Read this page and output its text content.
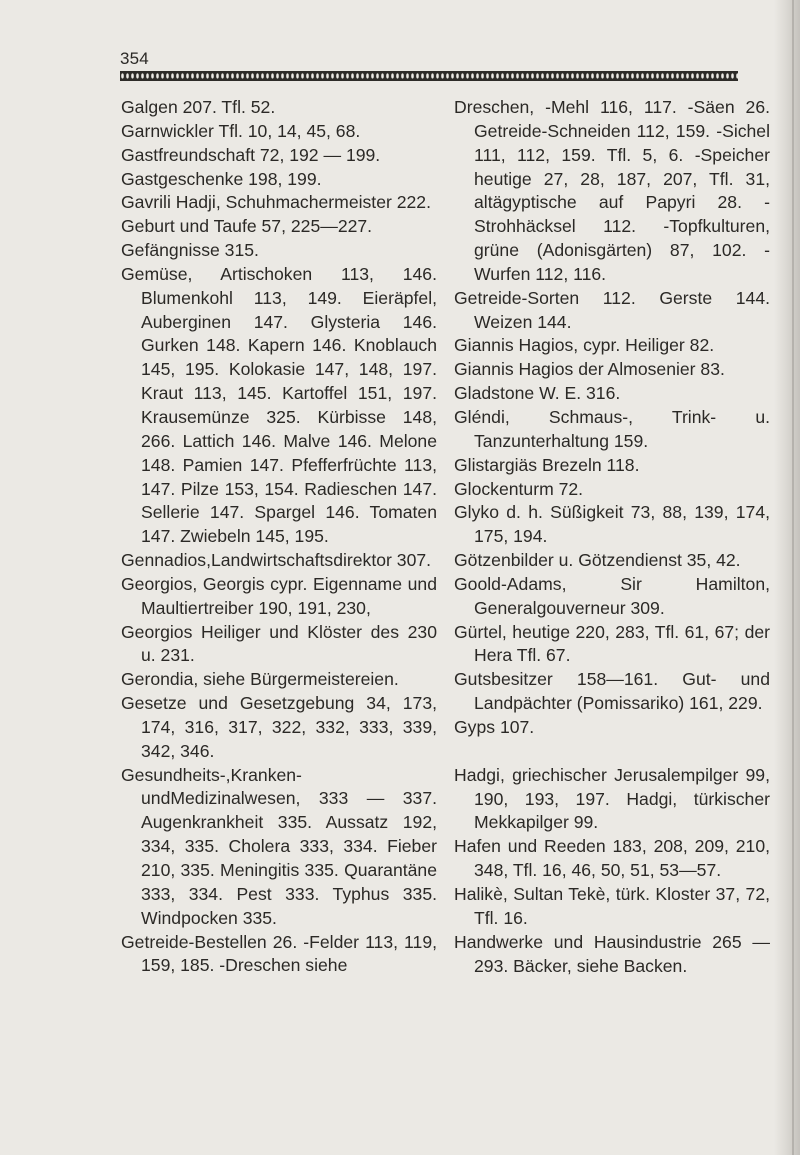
354

Galgen 207. Tfl. 52.

Garnwickler Tfl. 10, 14, 45, 68.

Gastfreundschaft 72, 192 — 199.

Gastgeschenke 198, 199.

Gavrili Hadji, Schuhmachermeister 222.

Geburt und Taufe 57, 225—227.

Gefängnisse 315.

Gemüse, Artischoken 113, 146. Blumenkohl 113, 149. Eieräpfel, Auberginen 147. Glysteria 146. Gurken 148. Kapern 146. Knoblauch 145, 195. Kolokasie 147, 148, 197. Kraut 113, 145. Kartoffel 151, 197. Krausemünze 325. Kürbisse 148, 266. Lattich 146. Malve 146. Melone 148. Pamien 147. Pfefferfrüchte 113, 147. Pilze 153, 154. Radieschen 147. Sellerie 147. Spargel 146. Tomaten 147. Zwiebeln 145, 195.

Gennadios,Landwirtschaftsdirektor 307.

Georgios, Georgis cypr. Eigenname und Maultiertreiber 190, 191, 230,

Georgios Heiliger und Klöster des 230 u. 231.

Gerondia, siehe Bürgermeistereien.

Gesetze und Gesetzgebung 34, 173, 174, 316, 317, 322, 332, 333, 339, 342, 346.

Gesundheits-,Kranken-undMedizinalwesen, 333 — 337. Augenkrankheit 335. Aussatz 192, 334, 335. Cholera 333, 334. Fieber 210, 335. Meningitis 335. Quarantäne 333, 334. Pest 333. Typhus 335. Windpocken 335.

Getreide-Bestellen 26. -Felder 113, 119, 159, 185. -Dreschen siehe

Dreschen, -Mehl 116, 117. -Säen 26. Getreide-Schneiden 112, 159. -Sichel 111, 112, 159. Tfl. 5, 6. -Speicher heutige 27, 28, 187, 207, Tfl. 31, altägyptische auf Papyri 28. -Strohhäcksel 112. -Topfkulturen, grüne (Adonisgärten) 87, 102. -Wurfen 112, 116.

Getreide-Sorten 112. Gerste 144. Weizen 144.

Giannis Hagios, cypr. Heiliger 82.

Giannis Hagios der Almosenier 83.

Gladstone W. E. 316.

Gléndi, Schmaus-, Trink- u. Tanzunterhaltung 159.

Glistargiäs Brezeln 118.

Glockenturm 72.

Glyko d. h. Süßigkeit 73, 88, 139, 174, 175, 194.

Götzenbilder u. Götzendienst 35, 42.

Goold-Adams, Sir Hamilton, Generalgouverneur 309.

Gürtel, heutige 220, 283, Tfl. 61, 67; der Hera Tfl. 67.

Gutsbesitzer 158—161. Gut- und Landpächter (Pomissariko) 161, 229.

Gyps 107.

Hadgi, griechischer Jerusalempilger 99, 190, 193, 197. Hadgi, türkischer Mekkapilger 99.

Hafen und Reeden 183, 208, 209, 210, 348, Tfl. 16, 46, 50, 51, 53—57.

Halikè, Sultan Tekè, türk. Kloster 37, 72, Tfl. 16.

Handwerke und Hausindustrie 265 —293. Bäcker, siehe Backen.
